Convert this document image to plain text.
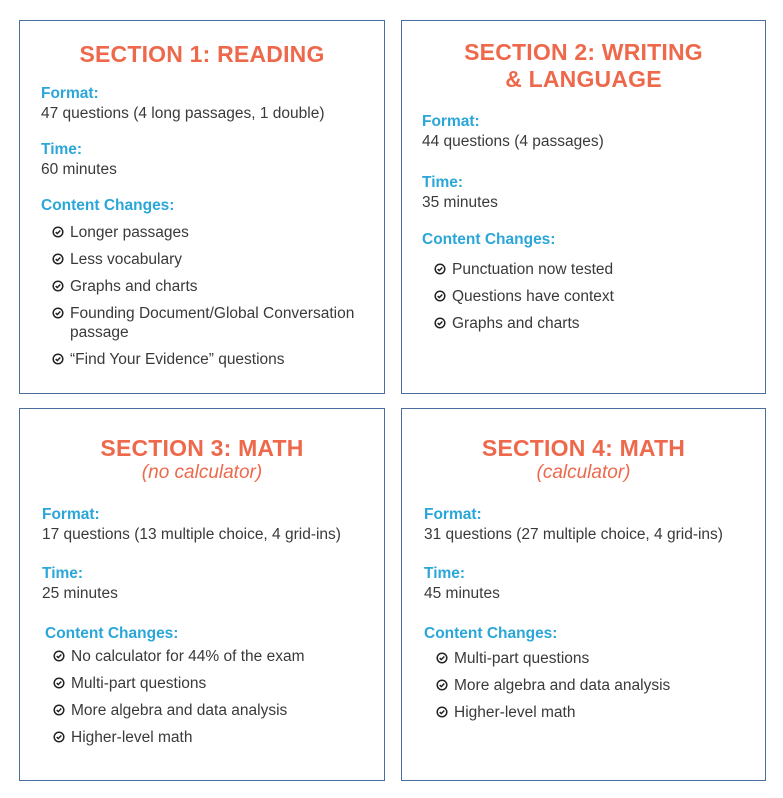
SECTION 1: READING
Format:
47 questions (4 long passages, 1 double)
Time:
60 minutes
Content Changes:
Longer passages
Less vocabulary
Graphs and charts
Founding Document/Global Conversation passage
“Find Your Evidence” questions
SECTION 2: WRITING
& LANGUAGE
Format:
44 questions (4 passages)
Time:
35 minutes
Content Changes:
Punctuation now tested
Questions have context
Graphs and charts
SECTION 3: MATH
(no calculator)
Format:
17 questions (13 multiple choice, 4 grid-ins)
Time:
25 minutes
Content Changes:
No calculator for 44% of the exam
Multi-part questions
More algebra and data analysis
Higher-level math
SECTION 4: MATH
(calculator)
Format:
31 questions (27 multiple choice, 4 grid-ins)
Time:
45 minutes
Content Changes:
Multi-part questions
More algebra and data analysis
Higher-level math
